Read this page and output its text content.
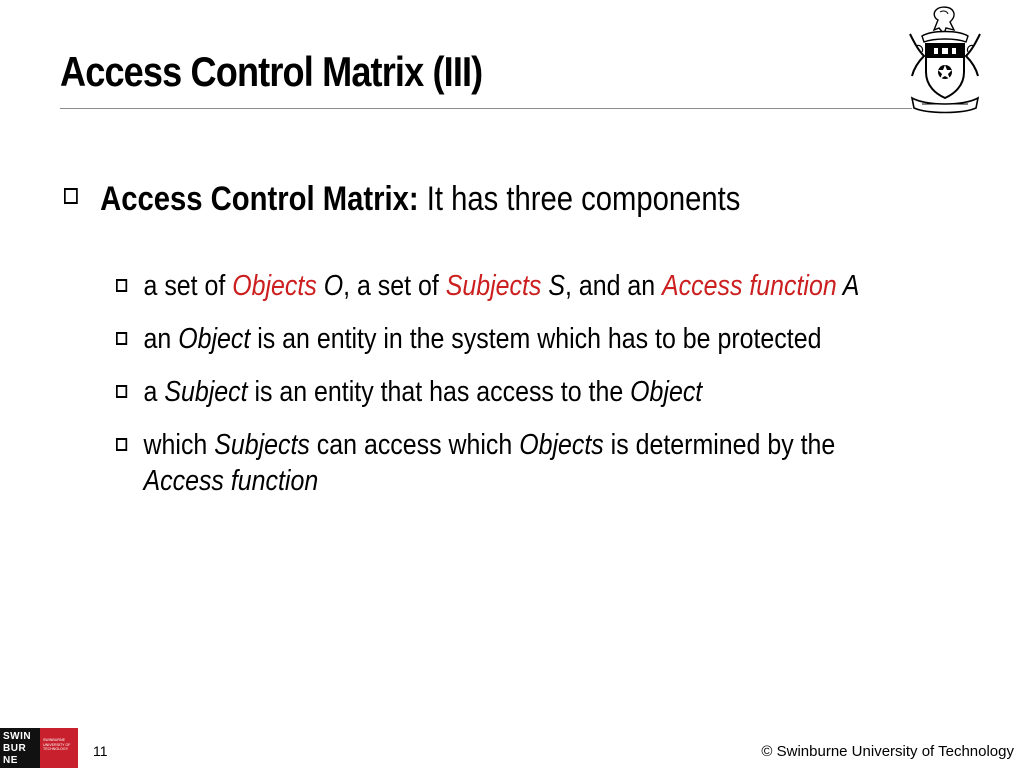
Access Control Matrix (III)
Access Control Matrix: It has three components
a set of Objects O, a set of Subjects S, and an Access function A
an Object is an entity in the system which has to be protected
a Subject is an entity that has access to the Object
which Subjects can access which Objects is determined by the
Access function
SWIN
BUR
NE
SWINBURNE
UNIVERSITY OF
TECHNOLOGY	11	© Swinburne University of Technology
